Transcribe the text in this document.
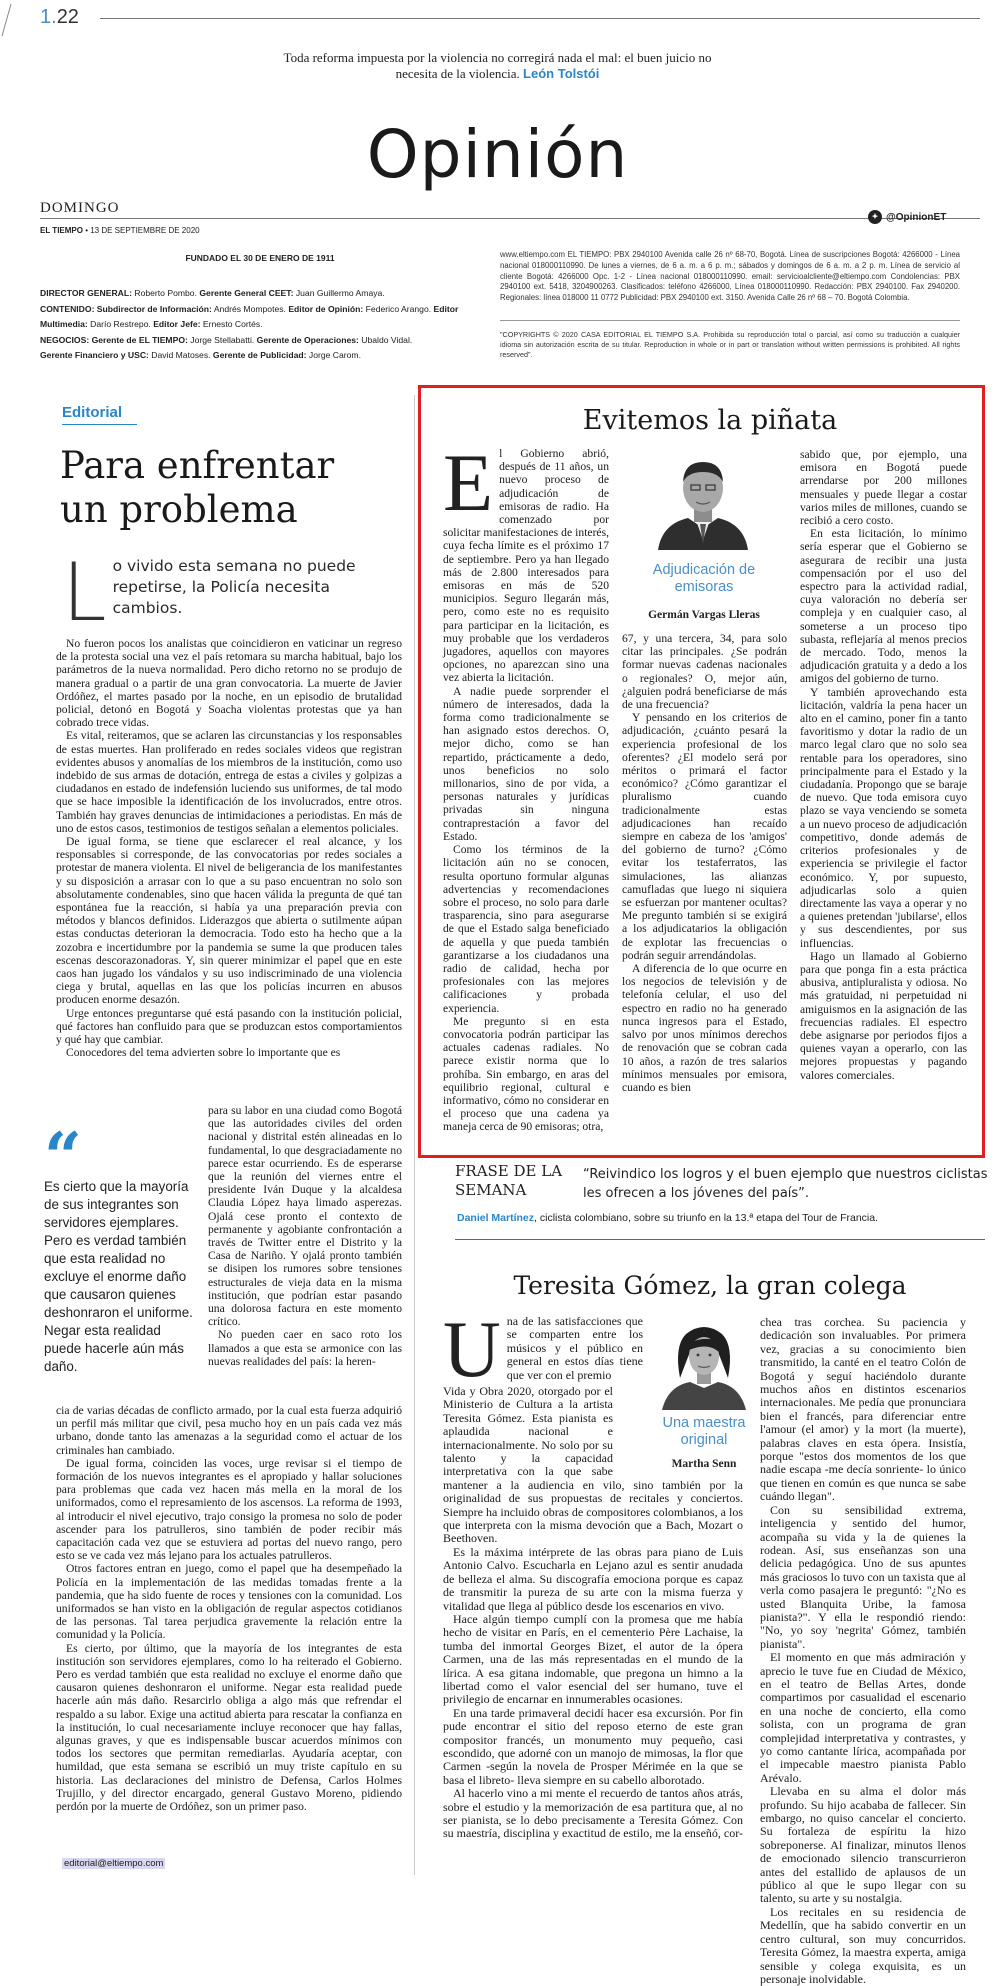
1.22
Toda reforma impuesta por la violencia no corregirá nada el mal: el buen juicio no necesita de la violencia. León Tolstói
Opinión
DOMINGO
EL TIEMPO • 13 DE SEPTIEMBRE DE 2020
✦ @OpinionET
FUNDADO EL 30 DE ENERO DE 1911
DIRECTOR GENERAL: Roberto Pombo. Gerente General CEET: Juan Guillermo Amaya.
CONTENIDO: Subdirector de Información: Andrés Mompotes. Editor de Opinión: Federico Arango. Editor Multimedia: Darío Restrepo. Editor Jefe: Ernesto Cortés.
NEGOCIOS: Gerente de EL TIEMPO: Jorge Stellabatti. Gerente de Operaciones: Ubaldo Vidal.
Gerente Financiero y USC: David Matoses. Gerente de Publicidad: Jorge Carom.
www.eltiempo.com EL TIEMPO: PBX 2940100 Avenida calle 26 nº 68-70, Bogotá. Línea de suscripciones Bogotá: 4266000 - Línea nacional 018000110990. De lunes a viernes, de 6 a. m. a 6 p. m.; sábados y domingos de 6 a. m. a 2 p. m. Línea de servicio al cliente Bogotá: 4266000 Opc. 1-2 - Línea nacional 018000110990. email: servicioalcliente@eltiempo.com Condolencias: PBX 2940100 ext. 5418, 3204900263. Clasificados: teléfono 4266000, Línea 018000110990. Redacción: PBX 2940100. Fax 2940200. Regionales: línea 018000 11 0772 Publicidad: PBX 2940100 ext. 3150. Avenida Calle 26 nº 68 – 70. Bogotá Colombia.
"COPYRIGHTS © 2020 CASA EDITORIAL EL TIEMPO S.A. Prohibida su reproducción total o parcial, así como su traducción a cualquier idioma sin autorización escrita de su titular. Reproduction in whole or in part or translation without written permissions is prohibited. All rights reserved".
Editorial
Para enfrentar un problema
L o vivido esta semana no puede repetirse, la Policía necesita cambios.

No fueron pocos los analistas que coincidieron en vaticinar un regreso de la protesta social una vez el país retomara su marcha habitual, bajo los parámetros de la nueva normalidad. Pero dicho retorno no se produjo de manera gradual o a partir de una gran convocatoria. La muerte de Javier Ordóñez, el martes pasado por la noche, en un episodio de brutalidad policial, detonó en Bogotá y Soacha violentas protestas que ya han cobrado trece vidas.

Es vital, reiteramos, que se aclaren las circunstancias y los responsables de estas muertes. Han proliferado en redes sociales videos que registran evidentes abusos y anomalías de los miembros de la institución, como uso indebido de sus armas de dotación, entrega de estas a civiles y golpizas a ciudadanos en estado de indefensión luciendo sus uniformes, de tal modo que se hace imposible la identificación de los involucrados, entre otros. También hay graves denuncias de intimidaciones a periodistas. En más de uno de estos casos, testimonios de testigos señalan a elementos policiales.

De igual forma, se tiene que esclarecer el real alcance, y los responsables si corresponde, de las convocatorias por redes sociales a protestar de manera violenta. El nivel de beligerancia de los manifestantes y su disposición a arrasar con lo que a su paso encuentran no solo son absolutamente condenables, sino que hacen válida la pregunta de qué tan espontánea fue la reacción, si había ya una preparación previa con métodos y blancos definidos. Liderazgos que abierta o sutilmente aúpan estas conductas deterioran la democracia. Todo esto ha hecho que a la zozobra e incertidumbre por la pandemia se sume la que producen tales escenas descorazonadoras. Y, sin querer minimizar el papel que en este caos han jugado los vándalos y su uso indiscriminado de una violencia ciega y brutal, aquellas en las que los policías incurren en abusos producen enorme desazón.

Urge entonces preguntarse qué está pasando con la institución policial, qué factores han confluido para que se produzcan estos comportamientos y qué hay que cambiar.

Conocedores del tema advierten sobre lo importante que es

“
Es cierto que la mayoría de sus integrantes son servidores ejemplares. Pero es verdad también que esta realidad no excluye el enorme daño que causaron quienes deshonraron el uniforme. Negar esta realidad puede hacerle aún más daño.

para su labor en una ciudad como Bogotá que las autoridades civiles del orden nacional y distrital estén alineadas en lo fundamental, lo que desgraciadamente no parece estar ocurriendo. Es de esperarse que la reunión del viernes entre el presidente Iván Duque y la alcaldesa Claudia López haya limado asperezas. Ojalá cese pronto el contexto de permanente y agobiante confrontación a través de Twitter entre el Distrito y la Casa de Nariño. Y ojalá pronto también se disipen los rumores sobre tensiones estructurales de vieja data en la misma institución, que podrían estar pasando una dolorosa factura en este momento crítico.

No pueden caer en saco roto los llamados a que esta se armonice con las nuevas realidades del país: la heren-

cia de varias décadas de conflicto armado, por la cual esta fuerza adquirió un perfil más militar que civil, pesa mucho hoy en un país cada vez más urbano, donde tanto las amenazas a la seguridad como el actuar de los criminales han cambiado.

De igual forma, coinciden las voces, urge revisar si el tiempo de formación de los nuevos integrantes es el apropiado y hallar soluciones para problemas que cada vez hacen más mella en la moral de los uniformados, como el represamiento de los ascensos. La reforma de 1993, al introducir el nivel ejecutivo, trajo consigo la promesa no solo de poder ascender para los patrulleros, sino también de poder recibir más capacitación cada vez que se estuviera ad portas del nuevo rango, pero esto se ve cada vez más lejano para los actuales patrulleros.

Otros factores entran en juego, como el papel que ha desempeñado la Policía en la implementación de las medidas tomadas frente a la pandemia, que ha sido fuente de roces y tensiones con la comunidad. Los uniformados se han visto en la obligación de regular aspectos cotidianos de las personas. Tal tarea perjudica gravemente la relación entre la comunidad y la Policía.

Es cierto, por último, que la mayoría de los integrantes de esta institución son servidores ejemplares, como lo ha reiterado el Gobierno. Pero es verdad también que esta realidad no excluye el enorme daño que causaron quienes deshonraron el uniforme. Negar esta realidad puede hacerle aún más daño. Resarcirlo obliga a algo más que refrendar el respaldo a su labor. Exige una actitud abierta para rescatar la confianza en la institución, lo cual necesariamente incluye reconocer que hay fallas, algunas graves, y que es indispensable buscar acuerdos mínimos con todos los sectores que permitan remediarlas. Ayudaría aceptar, con humildad, que esta semana se escribió un muy triste capítulo en su historia. Las declaraciones del ministro de Defensa, Carlos Holmes Trujillo, y del director encargado, general Gustavo Moreno, pidiendo perdón por la muerte de Ordóñez, son un primer paso.

editorial@eltiempo.com
Evitemos la piñata

El Gobierno abrió, después de 11 años, un nuevo proceso de adjudicación de emisoras de radio. Ha comenzado por solicitar manifestaciones de interés, cuya fecha límite es el próximo 17 de septiembre. Pero ya han llegado más de 2.800 interesados para emisoras en más de 520 municipios. Seguro llegarán más, pero, como este no es requisito para participar en la licitación, es muy probable que los verdaderos jugadores, aquellos con mayores opciones, no aparezcan sino una vez abierta la licitación.

A nadie puede sorprender el número de interesados, dada la forma como tradicionalmente se han asignado estos derechos. O, mejor dicho, como se han repartido, prácticamente a dedo, unos beneficios no solo millonarios, sino de por vida, a personas naturales y jurídicas privadas sin ninguna contraprestación a favor del Estado.

Como los términos de la licitación aún no se conocen, resulta oportuno formular algunas advertencias y recomendaciones sobre el proceso, no solo para darle trasparencia, sino para asegurarse de que el Estado salga beneficiado de aquella y que pueda también garantizarse a los ciudadanos una radio de calidad, hecha por profesionales con las mejores calificaciones y probada experiencia.

Me pregunto si en esta convocatoria podrán participar las actuales cadenas radiales. No parece existir norma que lo prohíba. Sin embargo, en aras del equilibrio regional, cultural e informativo, cómo no considerar en el proceso que una cadena ya maneja cerca de 90 emisoras; otra,

Adjudicación de emisoras
Germán Vargas Lleras

67, y una tercera, 34, para solo citar las principales. ¿Se podrán formar nuevas cadenas nacionales o regionales? O, mejor aún, ¿alguien podrá beneficiarse de más de una frecuencia?

Y pensando en los criterios de adjudicación, ¿cuánto pesará la experiencia profesional de los oferentes? ¿El modelo será por méritos o primará el factor económico? ¿Cómo garantizar el pluralismo cuando tradicionalmente estas adjudicaciones han recaído siempre en cabeza de los 'amigos' del gobierno de turno? ¿Cómo evitar los testaferratos, las simulaciones, las alianzas camufladas que luego ni siquiera se esfuerzan por mantener ocultas? Me pregunto también si se exigirá a los adjudicatarios la obligación de explotar las frecuencias o podrán seguir arrendándolas.

A diferencia de lo que ocurre en los negocios de televisión y de telefonía celular, el uso del espectro en radio no ha generado nunca ingresos para el Estado, salvo por unos mínimos derechos de renovación que se cobran cada 10 años, a razón de tres salarios mínimos mensuales por emisora, cuando es bien

sabido que, por ejemplo, una emisora en Bogotá puede arrendarse por 200 millones mensuales y puede llegar a costar varios miles de millones, cuando se recibió a cero costo.

En esta licitación, lo mínimo sería esperar que el Gobierno se asegurara de recibir una justa compensación por el uso del espectro para la actividad radial, cuya valoración no debería ser compleja y en cualquier caso, al someterse a un proceso tipo subasta, reflejaría al menos precios de mercado. Todo, menos la adjudicación gratuita y a dedo a los amigos del gobierno de turno.

Y también aprovechando esta licitación, valdría la pena hacer un alto en el camino, poner fin a tanto favoritismo y dotar la radio de un marco legal claro que no solo sea rentable para los operadores, sino principalmente para el Estado y la ciudadanía. Propongo que se baraje de nuevo. Que toda emisora cuyo plazo se vaya venciendo se someta a un nuevo proceso de adjudicación competitivo, donde además de criterios profesionales y de experiencia se privilegie el factor económico. Y, por supuesto, adjudicarlas solo a quien directamente las vaya a operar y no a quienes pretendan 'jubilarse', ellos y sus descendientes, por sus influencias.

Hago un llamado al Gobierno para que ponga fin a esta práctica abusiva, antipluralista y odiosa. No más gratuidad, ni perpetuidad ni amiguismos en la asignación de las frecuencias radiales. El espectro debe asignarse por periodos fijos a quienes vayan a operarlo, con las mejores propuestas y pagando valores comerciales.

FRASE DE LA SEMANA
“Reivindico los logros y el buen ejemplo que nuestros ciclistas les ofrecen a los jóvenes del país”.
Daniel Martínez, ciclista colombiano, sobre su triunfo en la 13.ª etapa del Tour de Francia.
Teresita Gómez, la gran colega

Una de las satisfacciones que se comparten entre los músicos y el público en general en estos días tiene que ver con el premio

Una maestra original
Martha Senn

Vida y Obra 2020, otorgado por el Ministerio de Cultura a la artista Teresita Gómez. Esta pianista es aplaudida nacional e internacionalmente. No solo por su talento y la capacidad interpretativa con la que sabe mantener a la audiencia en vilo, sino también por la originalidad de sus propuestas de recitales y conciertos. Siempre ha incluido obras de compositores colombianos, a los que interpreta con la misma devoción que a Bach, Mozart o Beethoven.

Es la máxima intérprete de las obras para piano de Luis Antonio Calvo. Escucharla en Lejano azul es sentir anudada de belleza el alma. Su discografía emociona porque es capaz de transmitir la pureza de su arte con la misma fuerza y vitalidad que llega al público desde los escenarios en vivo.

Hace algún tiempo cumplí con la promesa que me había hecho de visitar en París, en el cementerio Père Lachaise, la tumba del inmortal Georges Bizet, el autor de la ópera Carmen, una de las más representadas en el mundo de la lírica. A esa gitana indomable, que pregona un himno a la libertad como el valor esencial del ser humano, tuve el privilegio de encarnar en innumerables ocasiones.

En una tarde primaveral decidí hacer esa excursión. Por fin pude encontrar el sitio del reposo eterno de este gran compositor francés, un monumento muy pequeño, casi escondido, que adorné con un manojo de mimosas, la flor que Carmen -según la novela de Prosper Mérimée en la que se basa el libreto- lleva siempre en su cabello alborotado.

Al hacerlo vino a mi mente el recuerdo de tantos años atrás, sobre el estudio y la memorización de esa partitura que, al no ser pianista, se lo debo precisamente a Teresita Gómez. Con su maestría, disciplina y exactitud de estilo, me la enseñó, cor-

chea tras corchea. Su paciencia y dedicación son invaluables. Por primera vez, gracias a su conocimiento bien transmitido, la canté en el teatro Colón de Bogotá y seguí haciéndolo durante muchos años en distintos escenarios internacionales. Me pedía que pronunciara bien el francés, para diferenciar entre l'amour (el amor) y la mort (la muerte), palabras claves en esta ópera. Insistía, porque "estos dos momentos de los que nadie escapa -me decía sonriente- lo único que tienen en común es que nunca se sabe cuándo llegan".

Con su sensibilidad extrema, inteligencia y sentido del humor, acompaña su vida y la de quienes la rodean. Así, sus enseñanzas son una delicia pedagógica. Uno de sus apuntes más graciosos lo tuvo con un taxista que al verla como pasajera le preguntó: "¿No es usted Blanquita Uribe, la famosa pianista?". Y ella le respondió riendo: "No, yo soy 'negrita' Gómez, también pianista".

El momento en que más admiración y aprecio le tuve fue en Ciudad de México, en el teatro de Bellas Artes, donde compartimos por casualidad el escenario en una noche de concierto, ella como solista, con un programa de gran complejidad interpretativa y contrastes, y yo como cantante lírica, acompañada por el impecable maestro pianista Pablo Arévalo.

Llevaba en su alma el dolor más profundo. Su hijo acababa de fallecer. Sin embargo, no quiso cancelar el concierto. Su fortaleza de espíritu la hizo sobreponerse. Al finalizar, minutos llenos de emocionado silencio transcurrieron antes del estallido de aplausos de un público al que le supo llegar con su talento, su arte y su nostalgia.

Los recitales en su residencia de Medellín, que ha sabido convertir en un centro cultural, son muy concurridos. Teresita Gómez, la maestra experta, amiga sensible y colega exquisita, es un personaje inolvidable.
